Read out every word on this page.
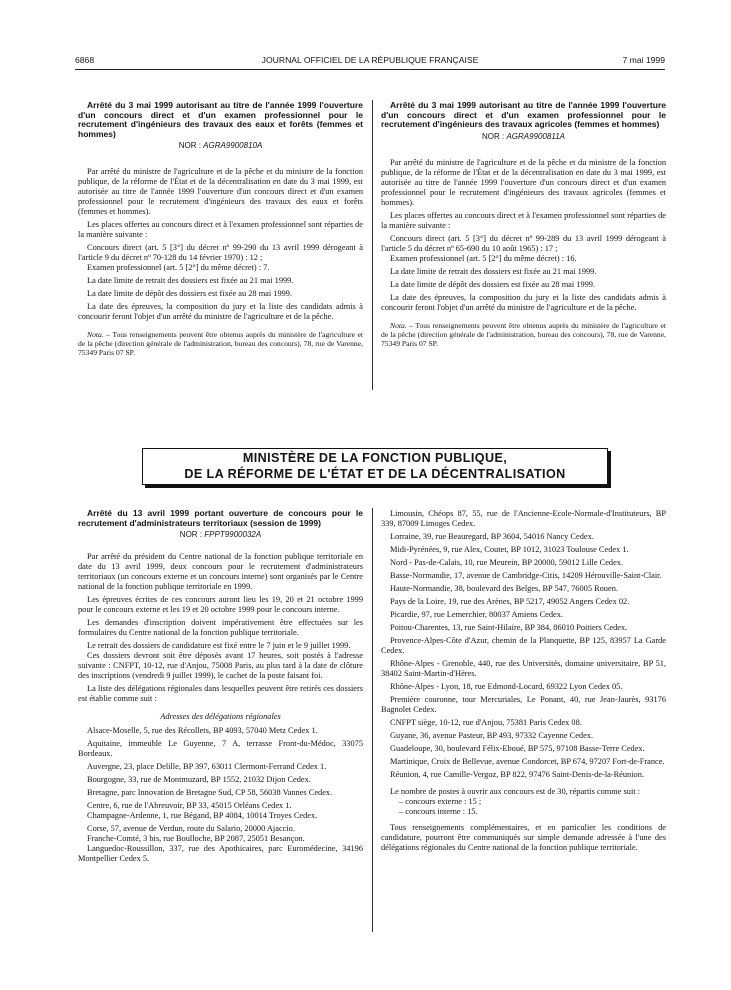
6868	JOURNAL OFFICIEL DE LA RÉPUBLIQUE FRANÇAISE	7 mai 1999

Arrêté du 3 mai 1999 autorisant au titre de l'année 1999 l'ouverture d'un concours direct et d'un examen professionnel pour le recrutement d'ingénieurs des travaux des eaux et forêts (femmes et hommes)

NOR : AGRA9900810A

Par arrêté du ministre de l'agriculture et de la pêche et du ministre de la fonction publique, de la réforme de l'État et de la décentralisation en date du 3 mai 1999, est autorisée au titre de l'année 1999 l'ouverture d'un concours direct et d'un examen professionnel pour le recrutement d'ingénieurs des travaux des eaux et forêts (femmes et hommes).

Les places offertes au concours direct et à l'examen professionnel sont réparties de la manière suivante :

Concours direct (art. 5 [3°] du décret nº 99-290 du 13 avril 1999 dérogeant à l'article 9 du décret nº 70-128 du 14 février 1970) : 12 ;

Examen professionnel (art. 5 [2°] du même décret) : 7.

La date limite de retrait des dossiers est fixée au 21 mai 1999.

La date limite de dépôt des dossiers est fixée au 28 mai 1999.

La date des épreuves, la composition du jury et la liste des candidats admis à concourir feront l'objet d'un arrêté du ministre de l'agriculture et de la pêche.

Nota. – Tous renseignements peuvent être obtenus auprès du ministère de l'agriculture et de la pêche (direction générale de l'administration, bureau des concours), 78, rue de Varenne, 75349 Paris 07 SP.

Arrêté du 3 mai 1999 autorisant au titre de l'année 1999 l'ouverture d'un concours direct et d'un examen professionnel pour le recrutement d'ingénieurs des travaux agricoles (femmes et hommes)

NOR : AGRA9900811A

Par arrêté du ministre de l'agriculture et de la pêche et du ministre de la fonction publique, de la réforme de l'État et de la décentralisation en date du 3 mai 1999, est autorisée au titre de l'année 1999 l'ouverture d'un concours direct et d'un examen professionnel pour le recrutement d'ingénieurs des travaux agricoles (femmes et hommes).

Les places offertes au concours direct et à l'examen professionnel sont réparties de la manière suivante :

Concours direct (art. 5 [3°] du décret nº 99-289 du 13 avril 1999 dérogeant à l'article 5 du décret nº 65-690 du 10 août 1965) : 17 ;

Examen professionnel (art. 5 [2°] du même décret) : 16.

La date limite de retrait des dossiers est fixée au 21 mai 1999.

La date limite de dépôt des dossiers est fixée au 28 mai 1999.

La date des épreuves, la composition du jury et la liste des candidats admis à concourir feront l'objet d'un arrêté du ministre de l'agriculture et de la pêche.

Nota. – Tous renseignements peuvent être obtenus auprès du ministère de l'agriculture et de la pêche (direction générale de l'administration, bureau des concours), 78, rue de Varenne, 75349 Paris 07 SP.

MINISTÈRE DE LA FONCTION PUBLIQUE,
DE LA RÉFORME DE L'ÉTAT ET DE LA DÉCENTRALISATION

Arrêté du 13 avril 1999 portant ouverture de concours pour le recrutement d'administrateurs territoriaux (session de 1999)

NOR : FPPT9900032A

Par arrêté du président du Centre national de la fonction publique territoriale en date du 13 avril 1999, deux concours pour le recrutement d'administrateurs territoriaux (un concours externe et un concours interne) sont organisés par le Centre national de la fonction publique territoriale en 1999.

Les épreuves écrites de ces concours auront lieu les 19, 20 et 21 octobre 1999 pour le concours externe et les 19 et 20 octobre 1999 pour le concours interne.

Les demandes d'inscription doivent impérativement être effectuées sur les formulaires du Centre national de la fonction publique territoriale.

Le retrait des dossiers de candidature est fixé entre le 7 juin et le 9 juillet 1999.

Ces dossiers devront soit être déposés avant 17 heures, soit postés à l'adresse suivante : CNFPT, 10-12, rue d'Anjou, 75008 Paris, au plus tard à la date de clôture des inscriptions (vendredi 9 juillet 1999), le cachet de la poste faisant foi.

La liste des délégations régionales dans lesquelles peuvent être retirés ces dossiers est établie comme suit :

Adresses des délégations régionales

Alsace-Moselle, 5, rue des Récollets, BP 4093, 57040 Metz Cedex 1.

Aquitaine, immeuble Le Guyenne, 7 A, terrasse Front-du-Médoc, 33075 Bordeaux.

Auvergne, 23, place Delille, BP 397, 63011 Clermont-Ferrand Cedex 1.

Bourgogne, 33, rue de Montmuzard, BP 1552, 21032 Dijon Cedex.

Bretagne, parc Innovation de Bretagne Sud, CP 58, 56038 Vannes Cedex.

Centre, 6, rue de l'Abreuvoir, BP 33, 45015 Orléans Cedex 1.

Champagne-Ardenne, 1, rue Bégand, BP 4084, 10014 Troyes Cedex.

Corse, 57, avenue de Verdun, route du Salario, 20000 Ajaccio.

Franche-Comté, 3 bis, rue Boulloche, BP 2087, 25051 Besançon.

Languedoc-Roussillon, 337, rue des Apothicaires, parc Euromédecine, 34196 Montpellier Cedex 5.

Limousin, Chéops 87, 55, rue de l'Ancienne-Ecole-Normale-d'Instituteurs, BP 339, 87009 Limoges Cedex.

Lorraine, 39, rue Beauregard, BP 3604, 54016 Nancy Cedex.

Midi-Pyrénées, 9, rue Alex, Coutet, BP 1012, 31023 Toulouse Cedex 1.

Nord - Pas-de-Calais, 10, rue Meurein, BP 20000, 59012 Lille Cedex.

Basse-Normandie, 17, avenue de Cambridge-Citis, 14209 Hérouville-Saint-Clair.

Haute-Normandie, 38, boulevard des Belges, BP 547, 76005 Rouen.

Pays de la Loire, 19, rue des Arènes, BP 5217, 49052 Angers Cedex 02.

Picardie, 97, rue Lemerchier, 80037 Amiens Cedex.

Poitou-Charentes, 13, rue Saint-Hilaire, BP 384, 86010 Poitiers Cedex.

Provence-Alpes-Côte d'Azur, chemin de la Planquette, BP 125, 83957 La Garde Cedex.

Rhône-Alpes - Grenoble, 440, rue des Universités, domaine universitaire, BP 51, 38402 Saint-Martin-d'Hères.

Rhône-Alpes - Lyon, 18, rue Edmond-Locard, 69322 Lyon Cedex 05.

Première couronne, tour Mercuriales, Le Ponant, 40, rue Jean-Jaurès, 93176 Bagnolet Cedex.

CNFPT siège, 10-12, rue d'Anjou, 75381 Paris Cedex 08.

Guyane, 36, avenue Pasteur, BP 493, 97332 Cayenne Cedex.

Guadeloupe, 30, boulevard Félix-Eboué, BP 575, 97108 Basse-Terre Cedex.

Martinique, Croix de Bellevue, avenue Condorcet, BP 674, 97207 Fort-de-France.

Réunion, 4, rue Camille-Vergoz, BP 822, 97476 Saint-Denis-de-la-Réunion.

Le nombre de postes à ouvrir aux concours est de 30, répartis comme suit :

– concours externe : 15 ;

– concours interne : 15.

Tous renseignements complémentaires, et en particulier les conditions de candidature, pourront être communiqués sur simple demande adressée à l'une des délégations régionales du Centre national de la fonction publique territoriale.
